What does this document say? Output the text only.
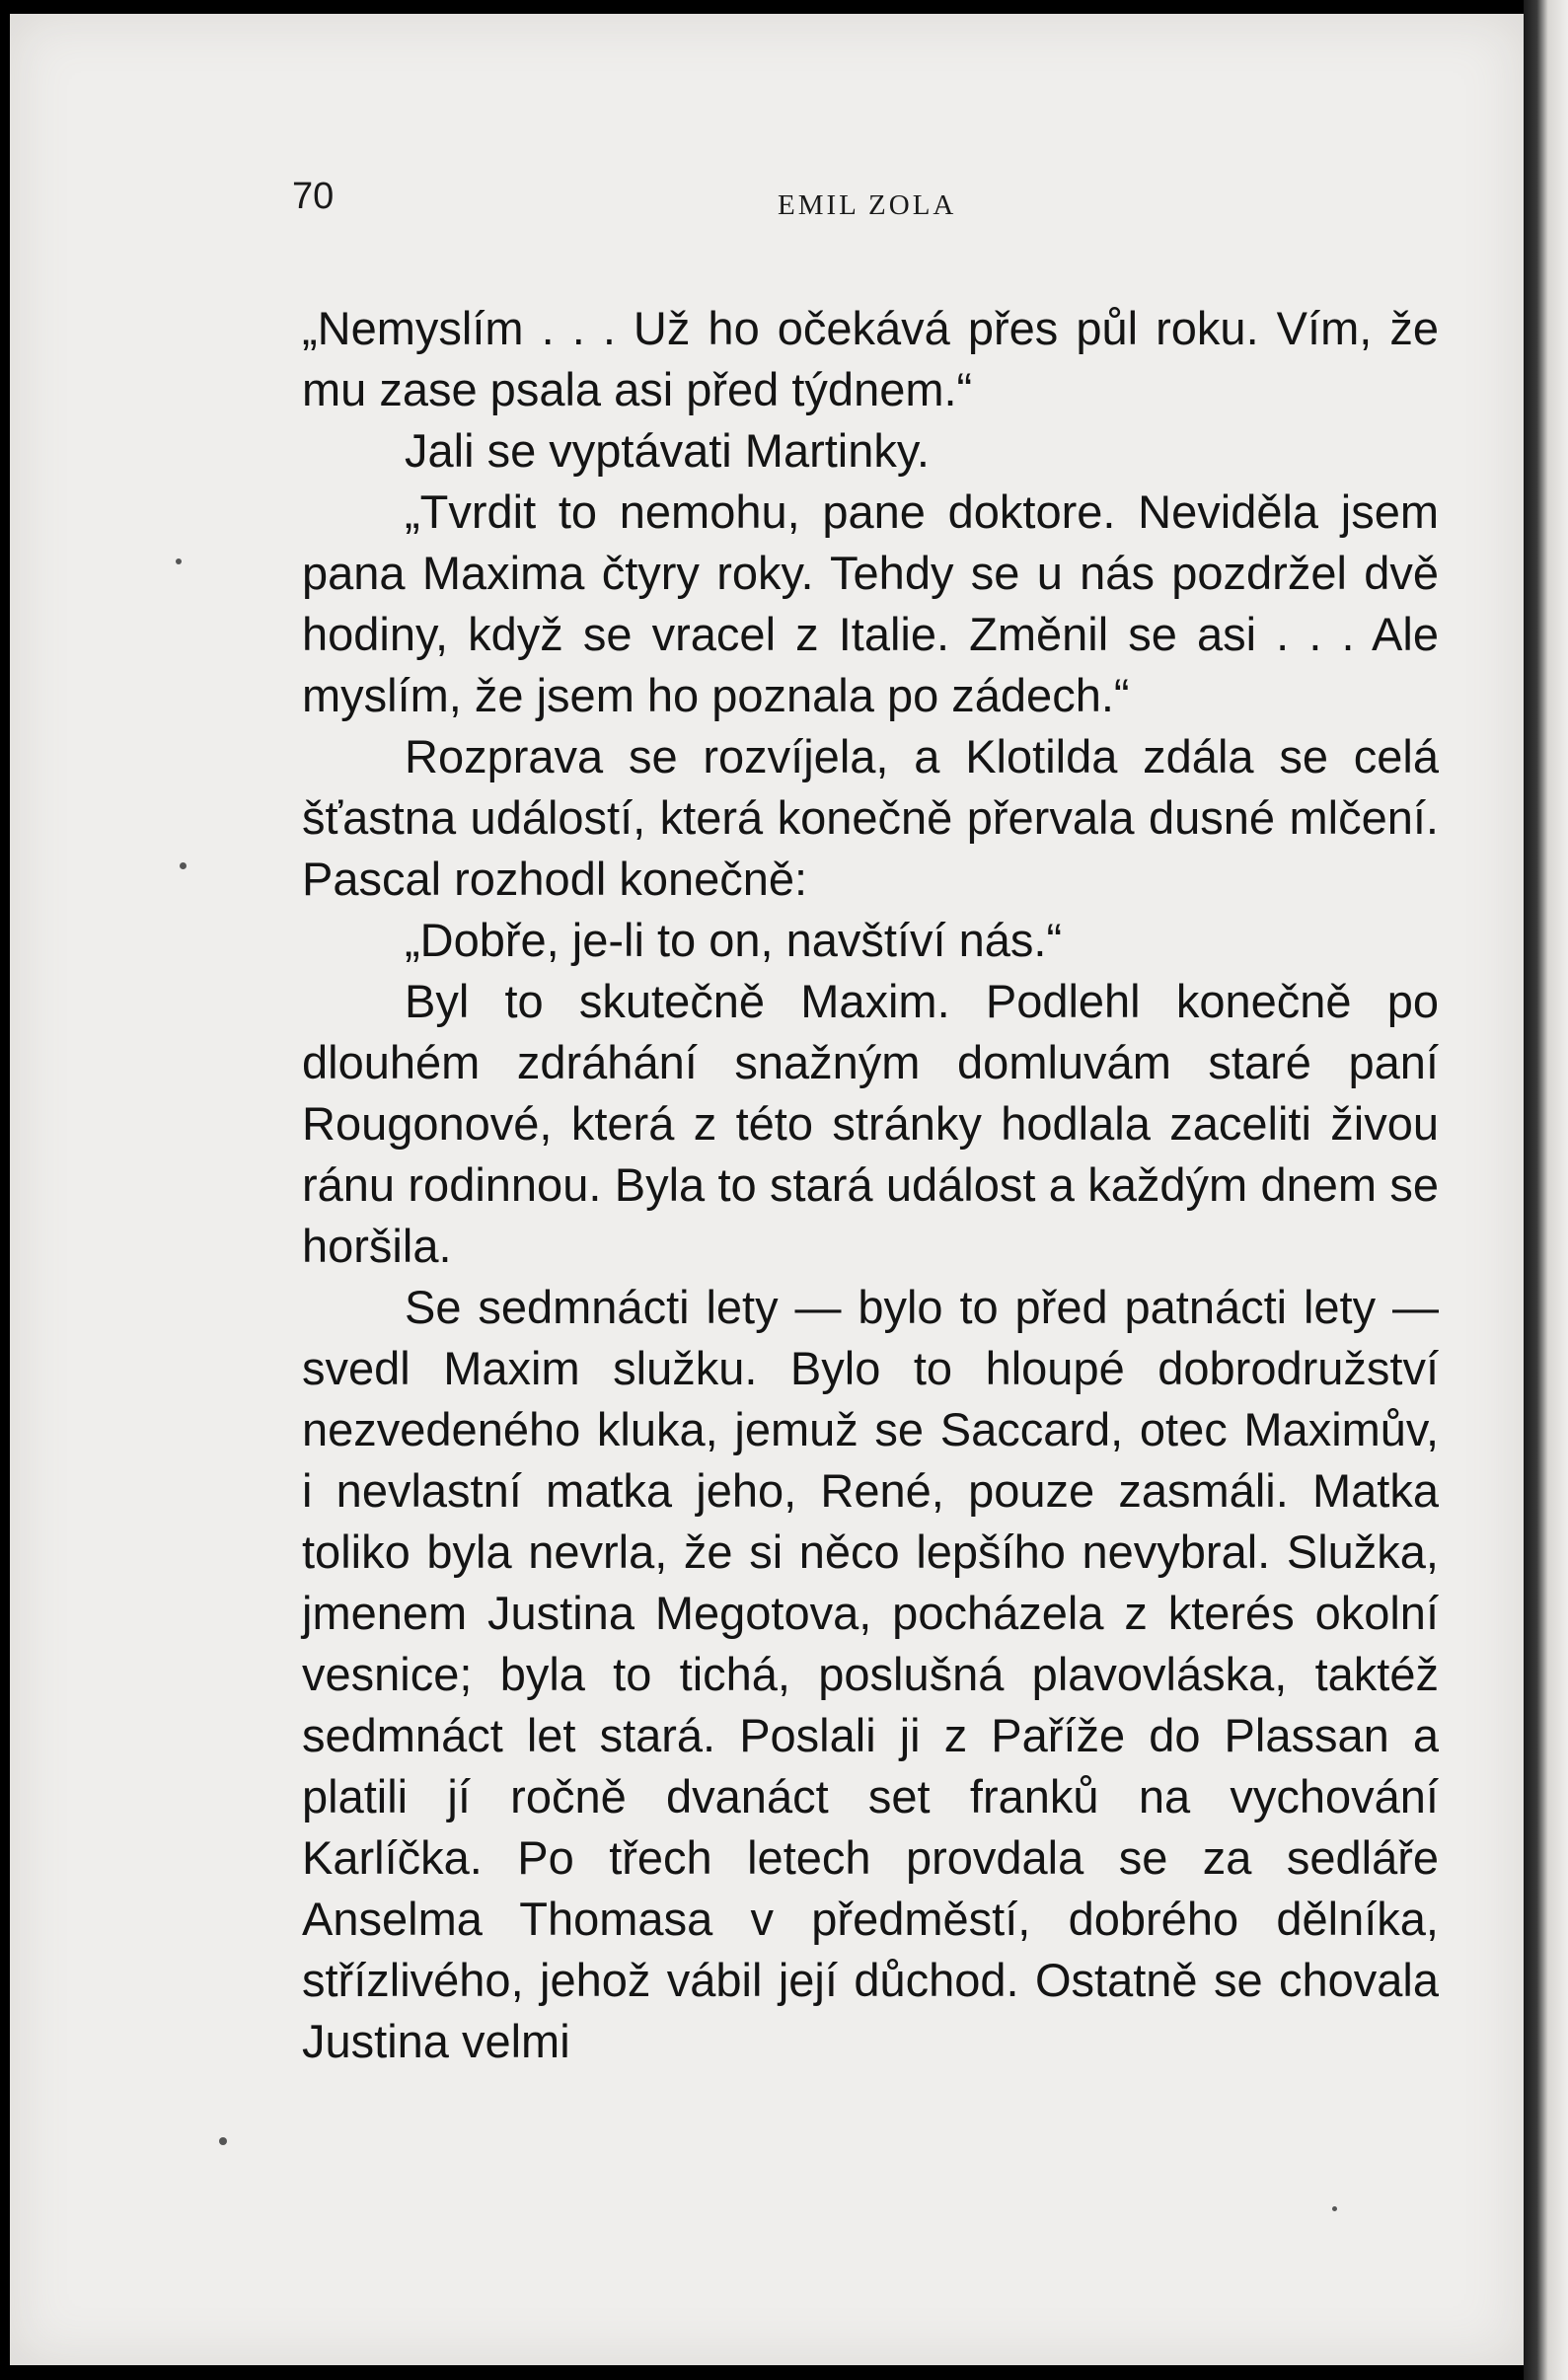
70	EMIL ZOLA

„Nemyslím . . . Už ho očekává přes půl roku. Vím, že mu zase psala asi před týdnem.“

Jali se vyptávati Martinky.

„Tvrdit to nemohu, pane doktore. Neviděla jsem pana Maxima čtyry roky. Tehdy se u nás pozdržel dvě hodiny, když se vracel z Italie. Změnil se asi . . . Ale myslím, že jsem ho poznala po zádech.“

Rozprava se rozvíjela, a Klotilda zdála se celá šťastna událostí, která konečně přervala dusné mlčení. Pascal rozhodl konečně:

„Dobře, je-li to on, navštíví nás.“

Byl to skutečně Maxim. Podlehl konečně po dlouhém zdráhání snažným domluvám staré paní Rougonové, která z této stránky hodlala zaceliti živou ránu rodinnou. Byla to stará událost a každým dnem se horšila.

Se sedmnácti lety — bylo to před patnácti lety — svedl Maxim služku. Bylo to hloupé dobrodružství nezvedeného kluka, jemuž se Saccard, otec Maximův, i nevlastní matka jeho, René, pouze zasmáli. Matka toliko byla nevrla, že si něco lepšího nevybral. Služka, jmenem Justina Megotova, pocházela z kterés okolní vesnice; byla to tichá, poslušná plavovláska, taktéž sedmnáct let stará. Poslali ji z Paříže do Plassan a platili jí ročně dvanáct set franků na vychování Karlíčka. Po třech letech provdala se za sedláře Anselma Thomasa v předměstí, dobrého dělníka, střízlivého, jehož vábil její důchod. Ostatně se chovala Justina velmi
